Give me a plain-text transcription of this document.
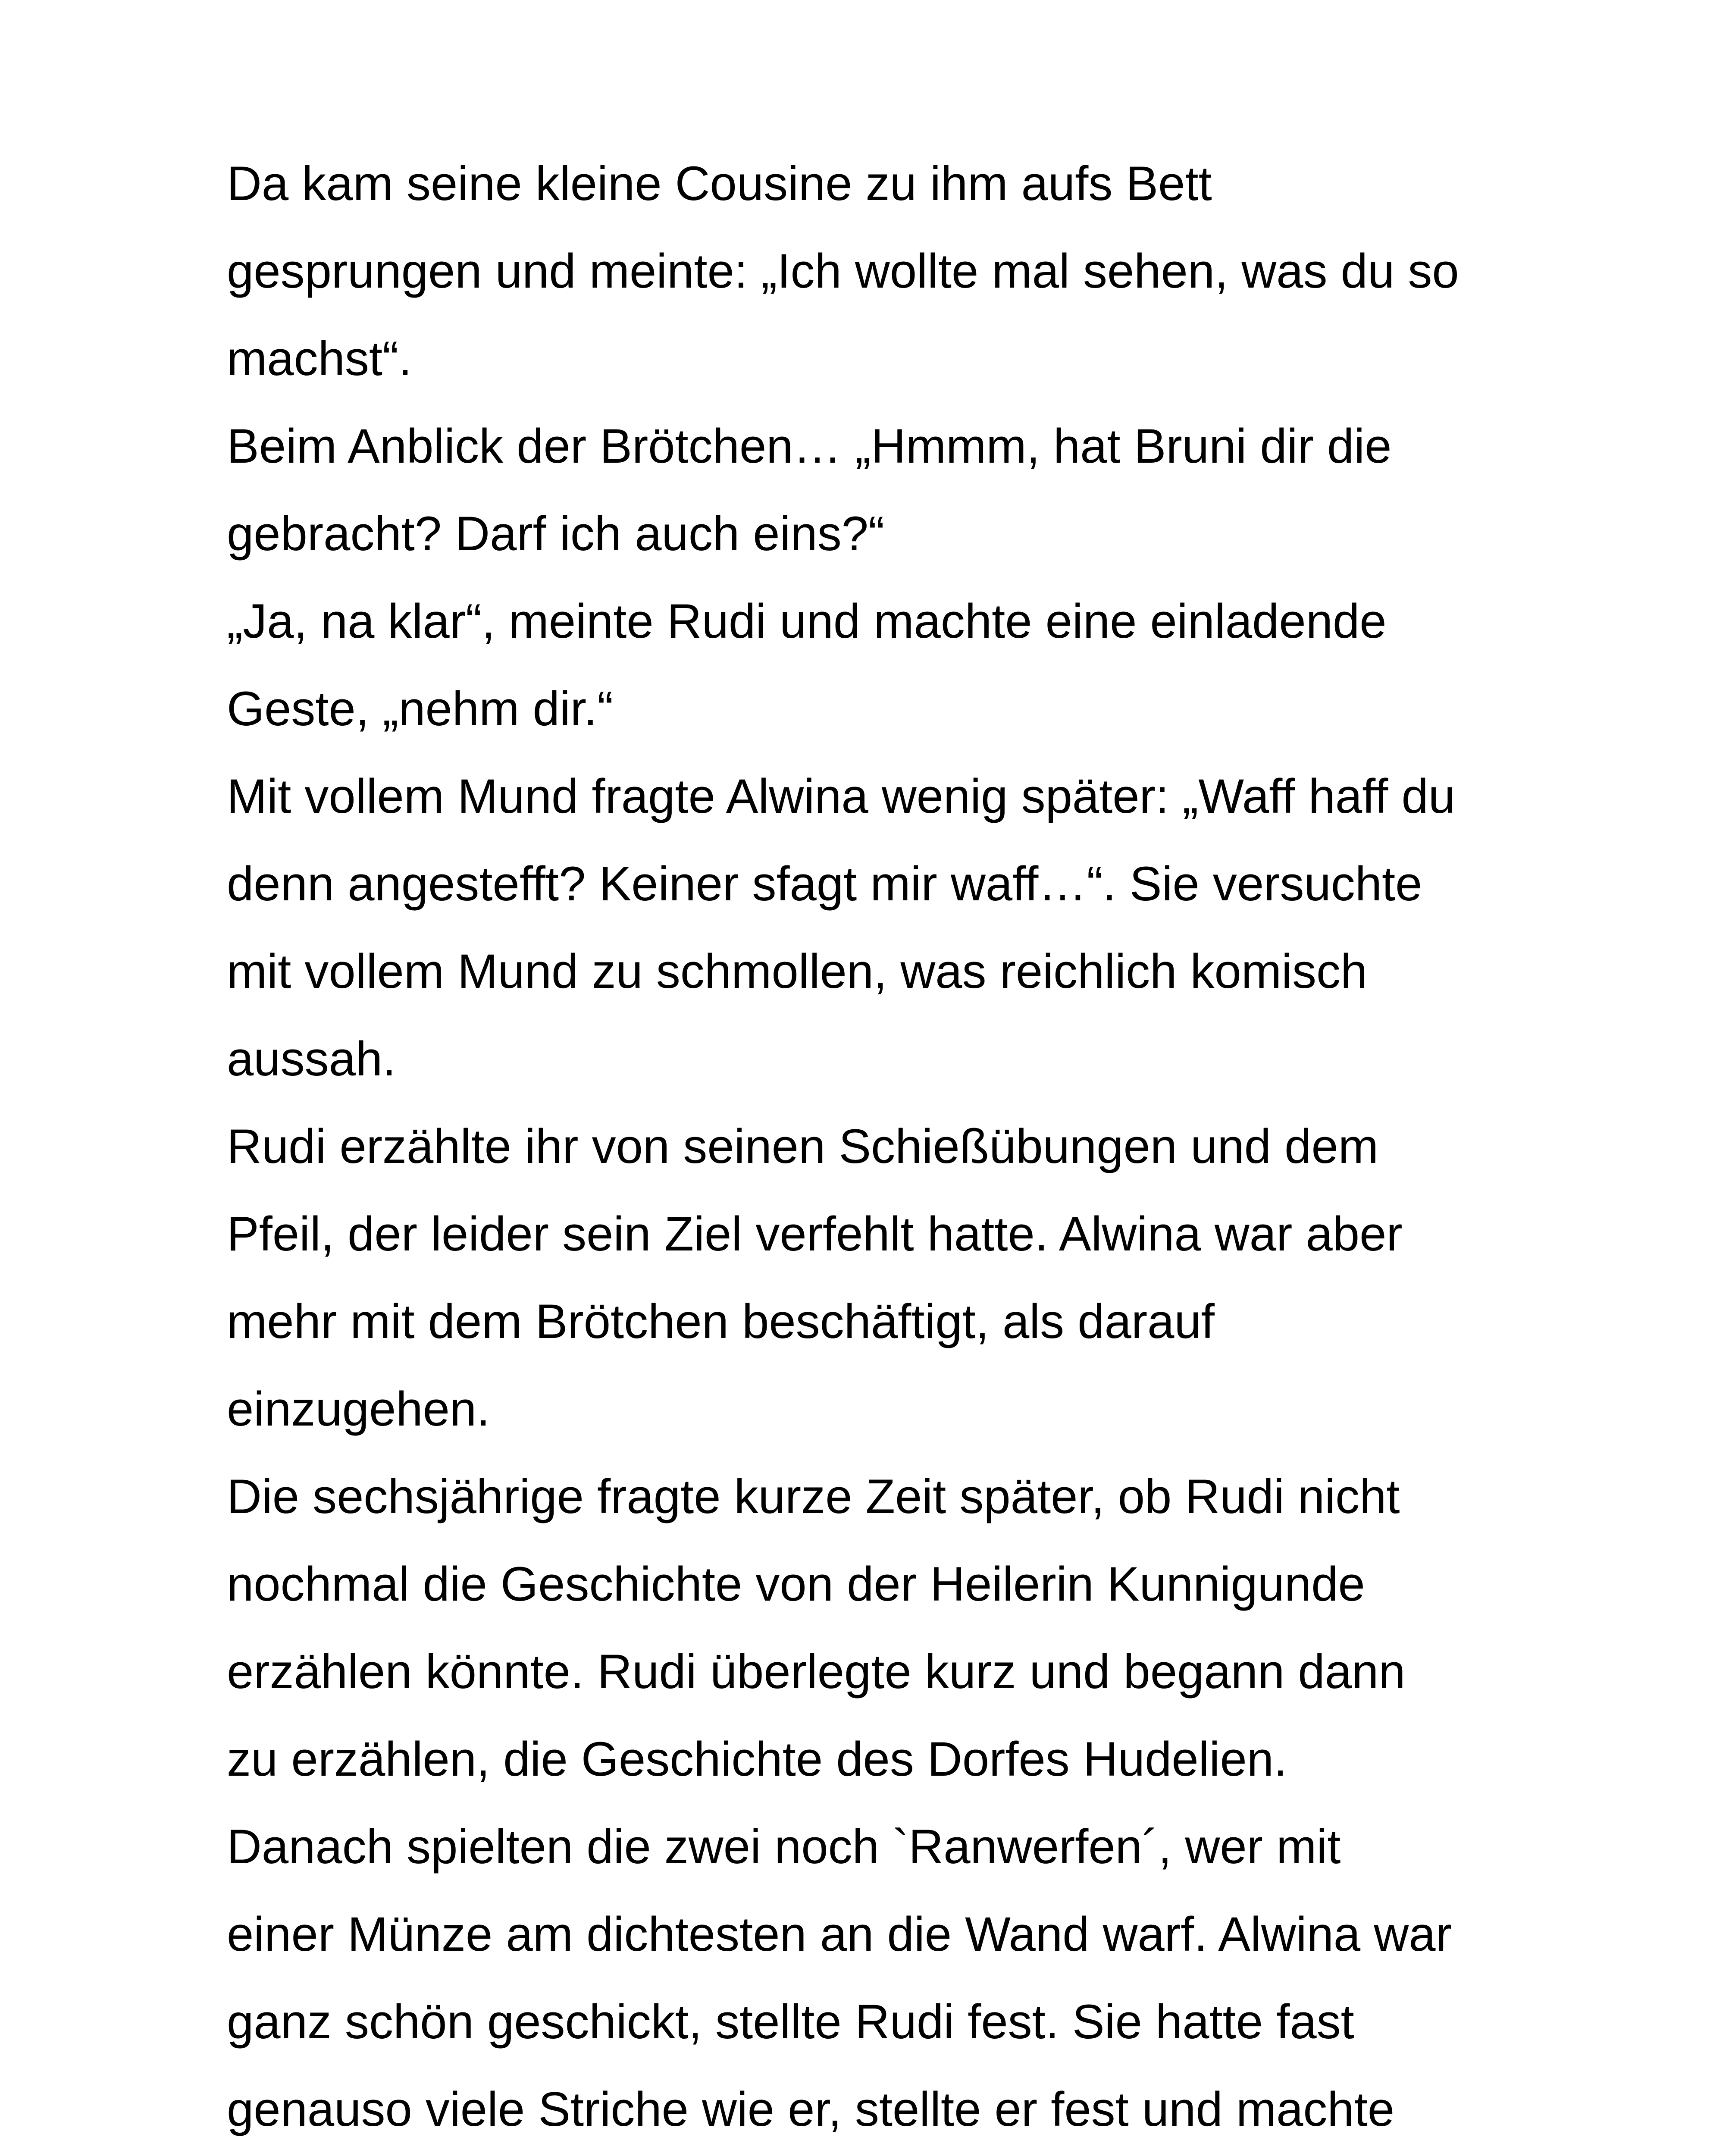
Da kam seine kleine Cousine zu ihm aufs Bett
gesprungen und meinte: „Ich wollte mal sehen, was du so
machst“.
Beim Anblick der Brötchen… „Hmmm, hat Bruni dir die
gebracht? Darf ich auch eins?“
„Ja, na klar“, meinte Rudi und machte eine einladende
Geste, „nehm dir.“
Mit vollem Mund fragte Alwina wenig später: „Waff haff du
denn angestefft? Keiner sfagt mir waff…“. Sie versuchte
mit vollem Mund zu schmollen, was reichlich komisch
aussah.
Rudi erzählte ihr von seinen Schießübungen und dem
Pfeil, der leider sein Ziel verfehlt hatte. Alwina war aber
mehr mit dem Brötchen beschäftigt, als darauf
einzugehen.
Die sechsjährige fragte kurze Zeit später, ob Rudi nicht
nochmal die Geschichte von der Heilerin Kunnigunde
erzählen könnte. Rudi überlegte kurz und begann dann
zu erzählen, die Geschichte des Dorfes Hudelien.
Danach spielten die zwei noch `Ranwerfen´, wer mit
einer Münze am dichtesten an die Wand warf. Alwina war
ganz schön geschickt, stellte Rudi fest. Sie hatte fast
genauso viele Striche wie er, stellte er fest und machte
